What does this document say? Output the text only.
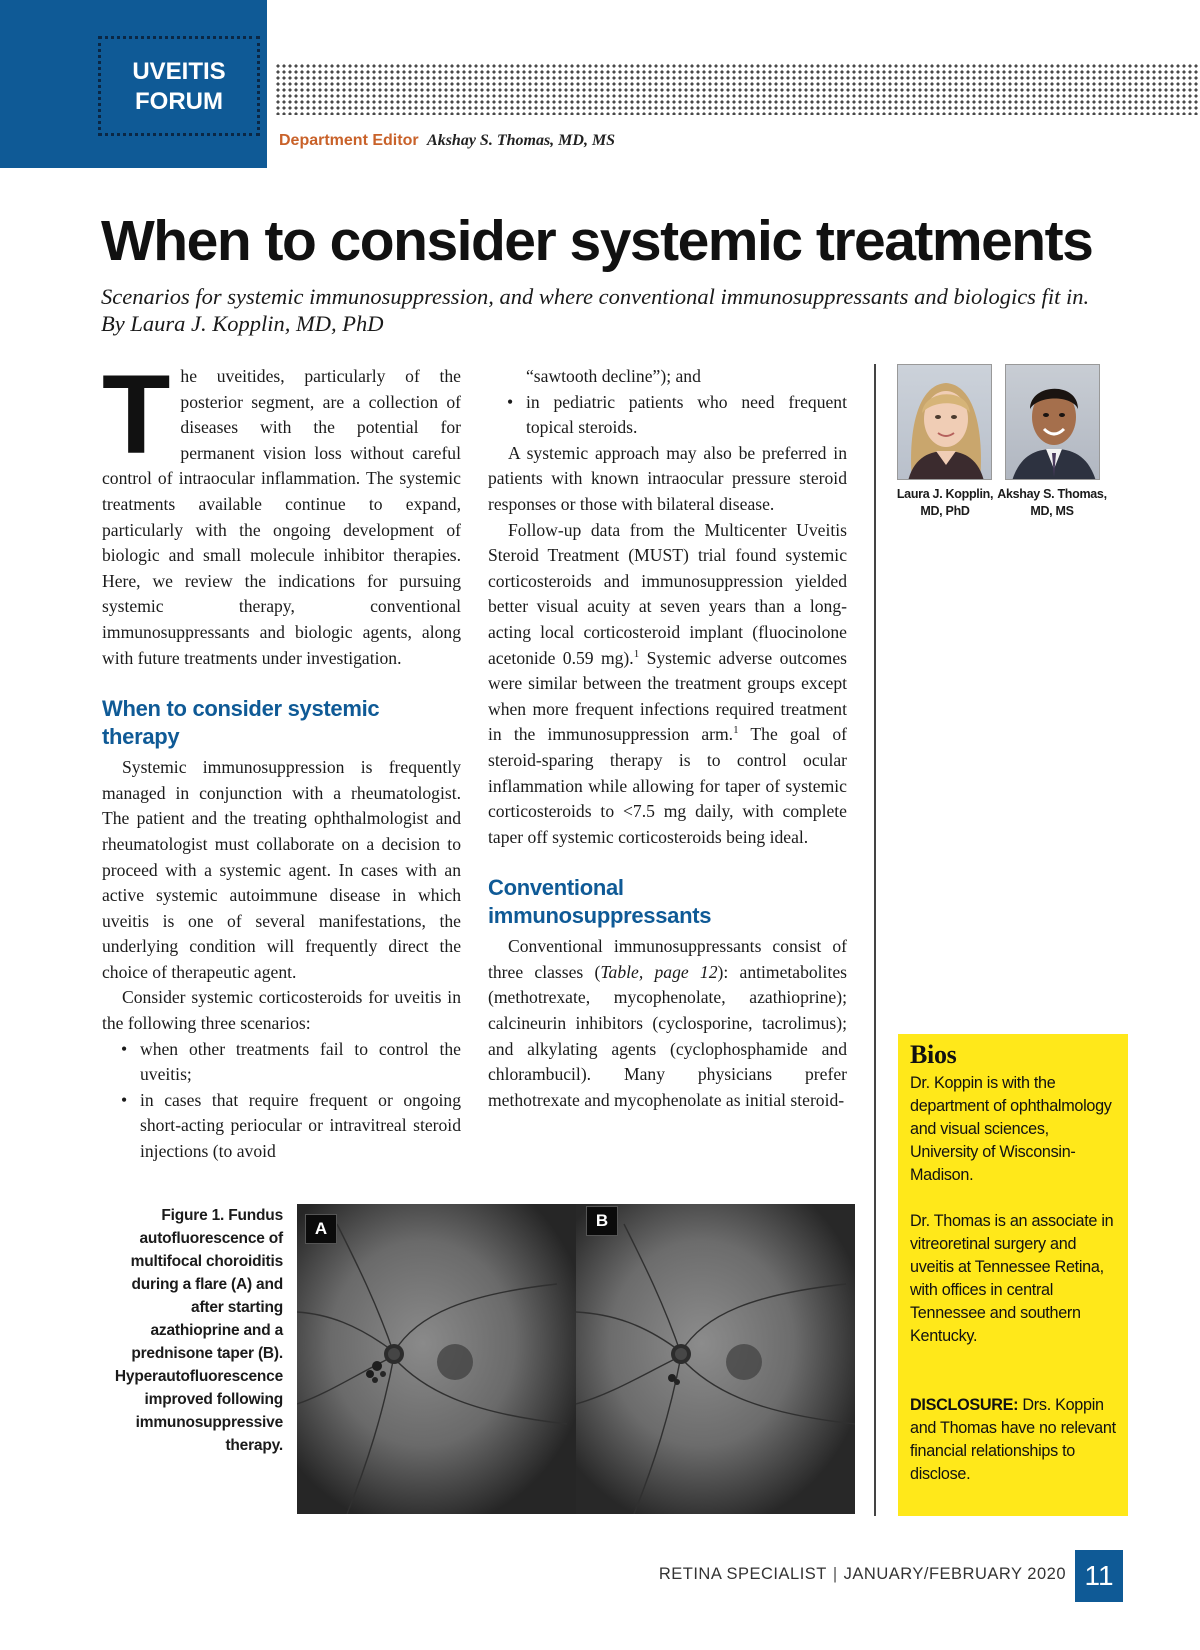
UVEITIS
FORUM
Department Editor Akshay S. Thomas, MD, MS
When to consider systemic treatments
Scenarios for systemic immunosuppression, and where conventional immunosuppressants and biologics fit in. By Laura J. Kopplin, MD, PhD

The uveitides, particularly of the posterior segment, are a collection of diseases with the potential for permanent vision loss without careful control of intraocular inflammation. The systemic treatments available continue to expand, particularly with the ongoing development of biologic and small molecule inhibitor therapies. Here, we review the indications for pursuing systemic therapy, conventional immunosuppressants and biologic agents, along with future treatments under investigation.

When to consider systemic therapy

Systemic immunosuppression is frequently managed in conjunction with a rheumatologist. The patient and the treating ophthalmologist and rheumatologist must collaborate on a decision to proceed with a systemic agent. In cases with an active systemic autoimmune disease in which uveitis is one of several manifestations, the underlying condition will frequently direct the choice of therapeutic agent.

Consider systemic corticosteroids for uveitis in the following three scenarios:

• when other treatments fail to control the uveitis;
• in cases that require frequent or ongoing short-acting periocular or intravitreal steroid injections (to avoid

“sawtooth decline”); and

• in pediatric patients who need frequent topical steroids.

A systemic approach may also be preferred in patients with known intraocular pressure steroid responses or those with bilateral disease.

Follow-up data from the Multicenter Uveitis Steroid Treatment (MUST) trial found systemic corticosteroids and immunosuppression yielded better visual acuity at seven years than a long-acting local corticosteroid implant (fluocinolone acetonide 0.59 mg).$^1$ Systemic adverse outcomes were similar between the treatment groups except when more frequent infections required treatment in the immunosuppression arm.$^1$ The goal of steroid-sparing therapy is to control ocular inflammation while allowing for taper of systemic corticosteroids to <7.5 mg daily, with complete taper off systemic corticosteroids being ideal.

Conventional immunosuppressants

Conventional immunosuppressants consist of three classes (Table, page 12): antimetabolites (methotrexate, mycophenolate, azathioprine); calcineurin inhibitors (cyclosporine, tacrolimus); and alkylating agents (cyclophosphamide and chlorambucil). Many physicians prefer methotrexate and mycophenolate as initial steroid-

Laura J. Kopplin,
MD, PhD
Akshay S. Thomas,
MD, MS
Bios

Dr. Koppin is with the department of ophthalmology and visual sciences, University of Wisconsin-Madison.

Dr. Thomas is an associate in vitreoretinal surgery and uveitis at Tennessee Retina, with offices in central Tennessee and southern Kentucky.

DISCLOSURE: Drs. Koppin and Thomas have no relevant financial relationships to disclose.

Figure 1. Fundus autofluorescence of multifocal choroiditis during a flare (A) and after starting azathioprine and a prednisone taper (B). Hyperautofluorescence improved following immunosuppressive therapy.
A	B
RETINA SPECIALIST | JANUARY/FEBRUARY 2020 11
